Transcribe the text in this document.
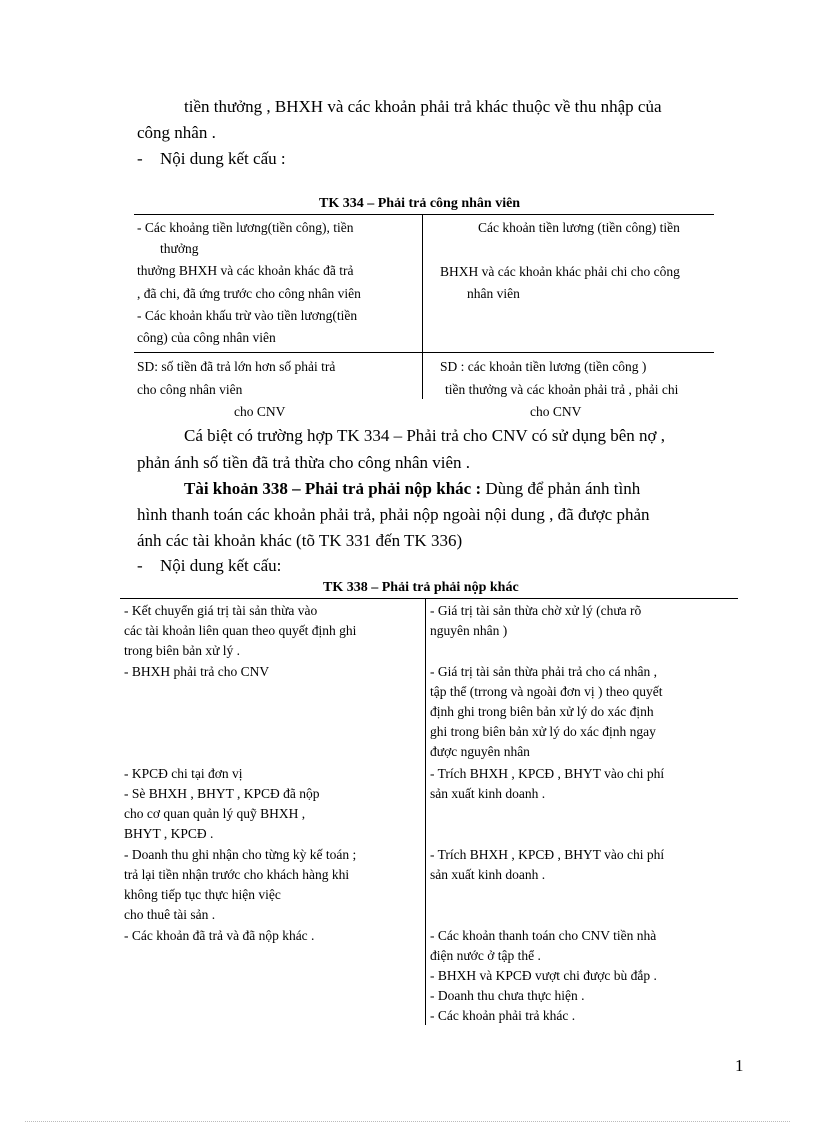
tiền thưởng , BHXH và các khoản phải trả khác thuộc về thu nhập của
công nhân .
- Nội dung kết cấu :
TK 334 – Phải trả công nhân viên
- Các khoảng tiền lương(tiền công), tiền
thưởng
thưởng BHXH và các khoản khác đã trả
, đã chi, đã ứng trước cho công nhân viên
- Các khoản khấu trừ vào tiền lương(tiền
công) của công nhân viên
Các khoản tiền lương (tiền công) tiền
BHXH và các khoản khác phải chi cho công
nhân viên
SD: số tiền đã trả lớn hơn số phải trả
cho công nhân viên
cho CNV
SD : các khoản tiền lương (tiền công )
tiền thưởng và các khoản phải trả , phải chi
cho CNV
Cá biệt có trường hợp TK 334 – Phải trả cho CNV có sử dụng bên nợ ,
phản ánh số tiền đã trả thừa cho công nhân viên .
Tài khoản 338 – Phải trả phải nộp khác : Dùng để phản ánh tình
hình thanh toán các khoản phải trả, phải nộp ngoài nội dung , đã được phản
ánh các tài khoản khác (tõ TK 331 đến TK 336)
- Nội dung kết cấu:
TK 338 – Phải trả phải nộp khác
- Kết chuyển giá trị tài sản thừa vào
các tài khoản liên quan theo quyết định ghi
trong biên bản xử lý .
- Giá trị tài sản thừa chờ xử lý (chưa rõ
nguyên nhân )
- BHXH phải trả cho CNV	- Giá trị tài sản thừa phải trả cho cá nhân ,
tập thể (trrong và ngoài đơn vị ) theo quyết
định ghi trong biên bản xử lý do xác định
ghi trong biên bản xử lý do xác định ngay
được nguyên nhân
- KPCĐ chi tại đơn vị
- Sè BHXH , BHYT , KPCĐ đã nộp
cho cơ quan quản lý quỹ BHXH ,
BHYT , KPCĐ .
- Trích BHXH , KPCĐ , BHYT vào chi phí
sản xuất kinh doanh .
- Doanh thu ghi nhận cho từng kỳ kế toán ;
trả lại tiền nhận trước cho khách hàng khi
không tiếp tục thực hiện việc
cho thuê tài sản .
- Trích BHXH , KPCĐ , BHYT vào chi phí
sản xuất kinh doanh .
- Các khoản đã trả và đã nộp khác .	- Các khoản thanh toán cho CNV tiền nhà
điện nước ở tập thể .
- BHXH và KPCĐ vượt chi được bù đắp .
- Doanh thu chưa thực hiện .
- Các khoản phải trả khác .
1
